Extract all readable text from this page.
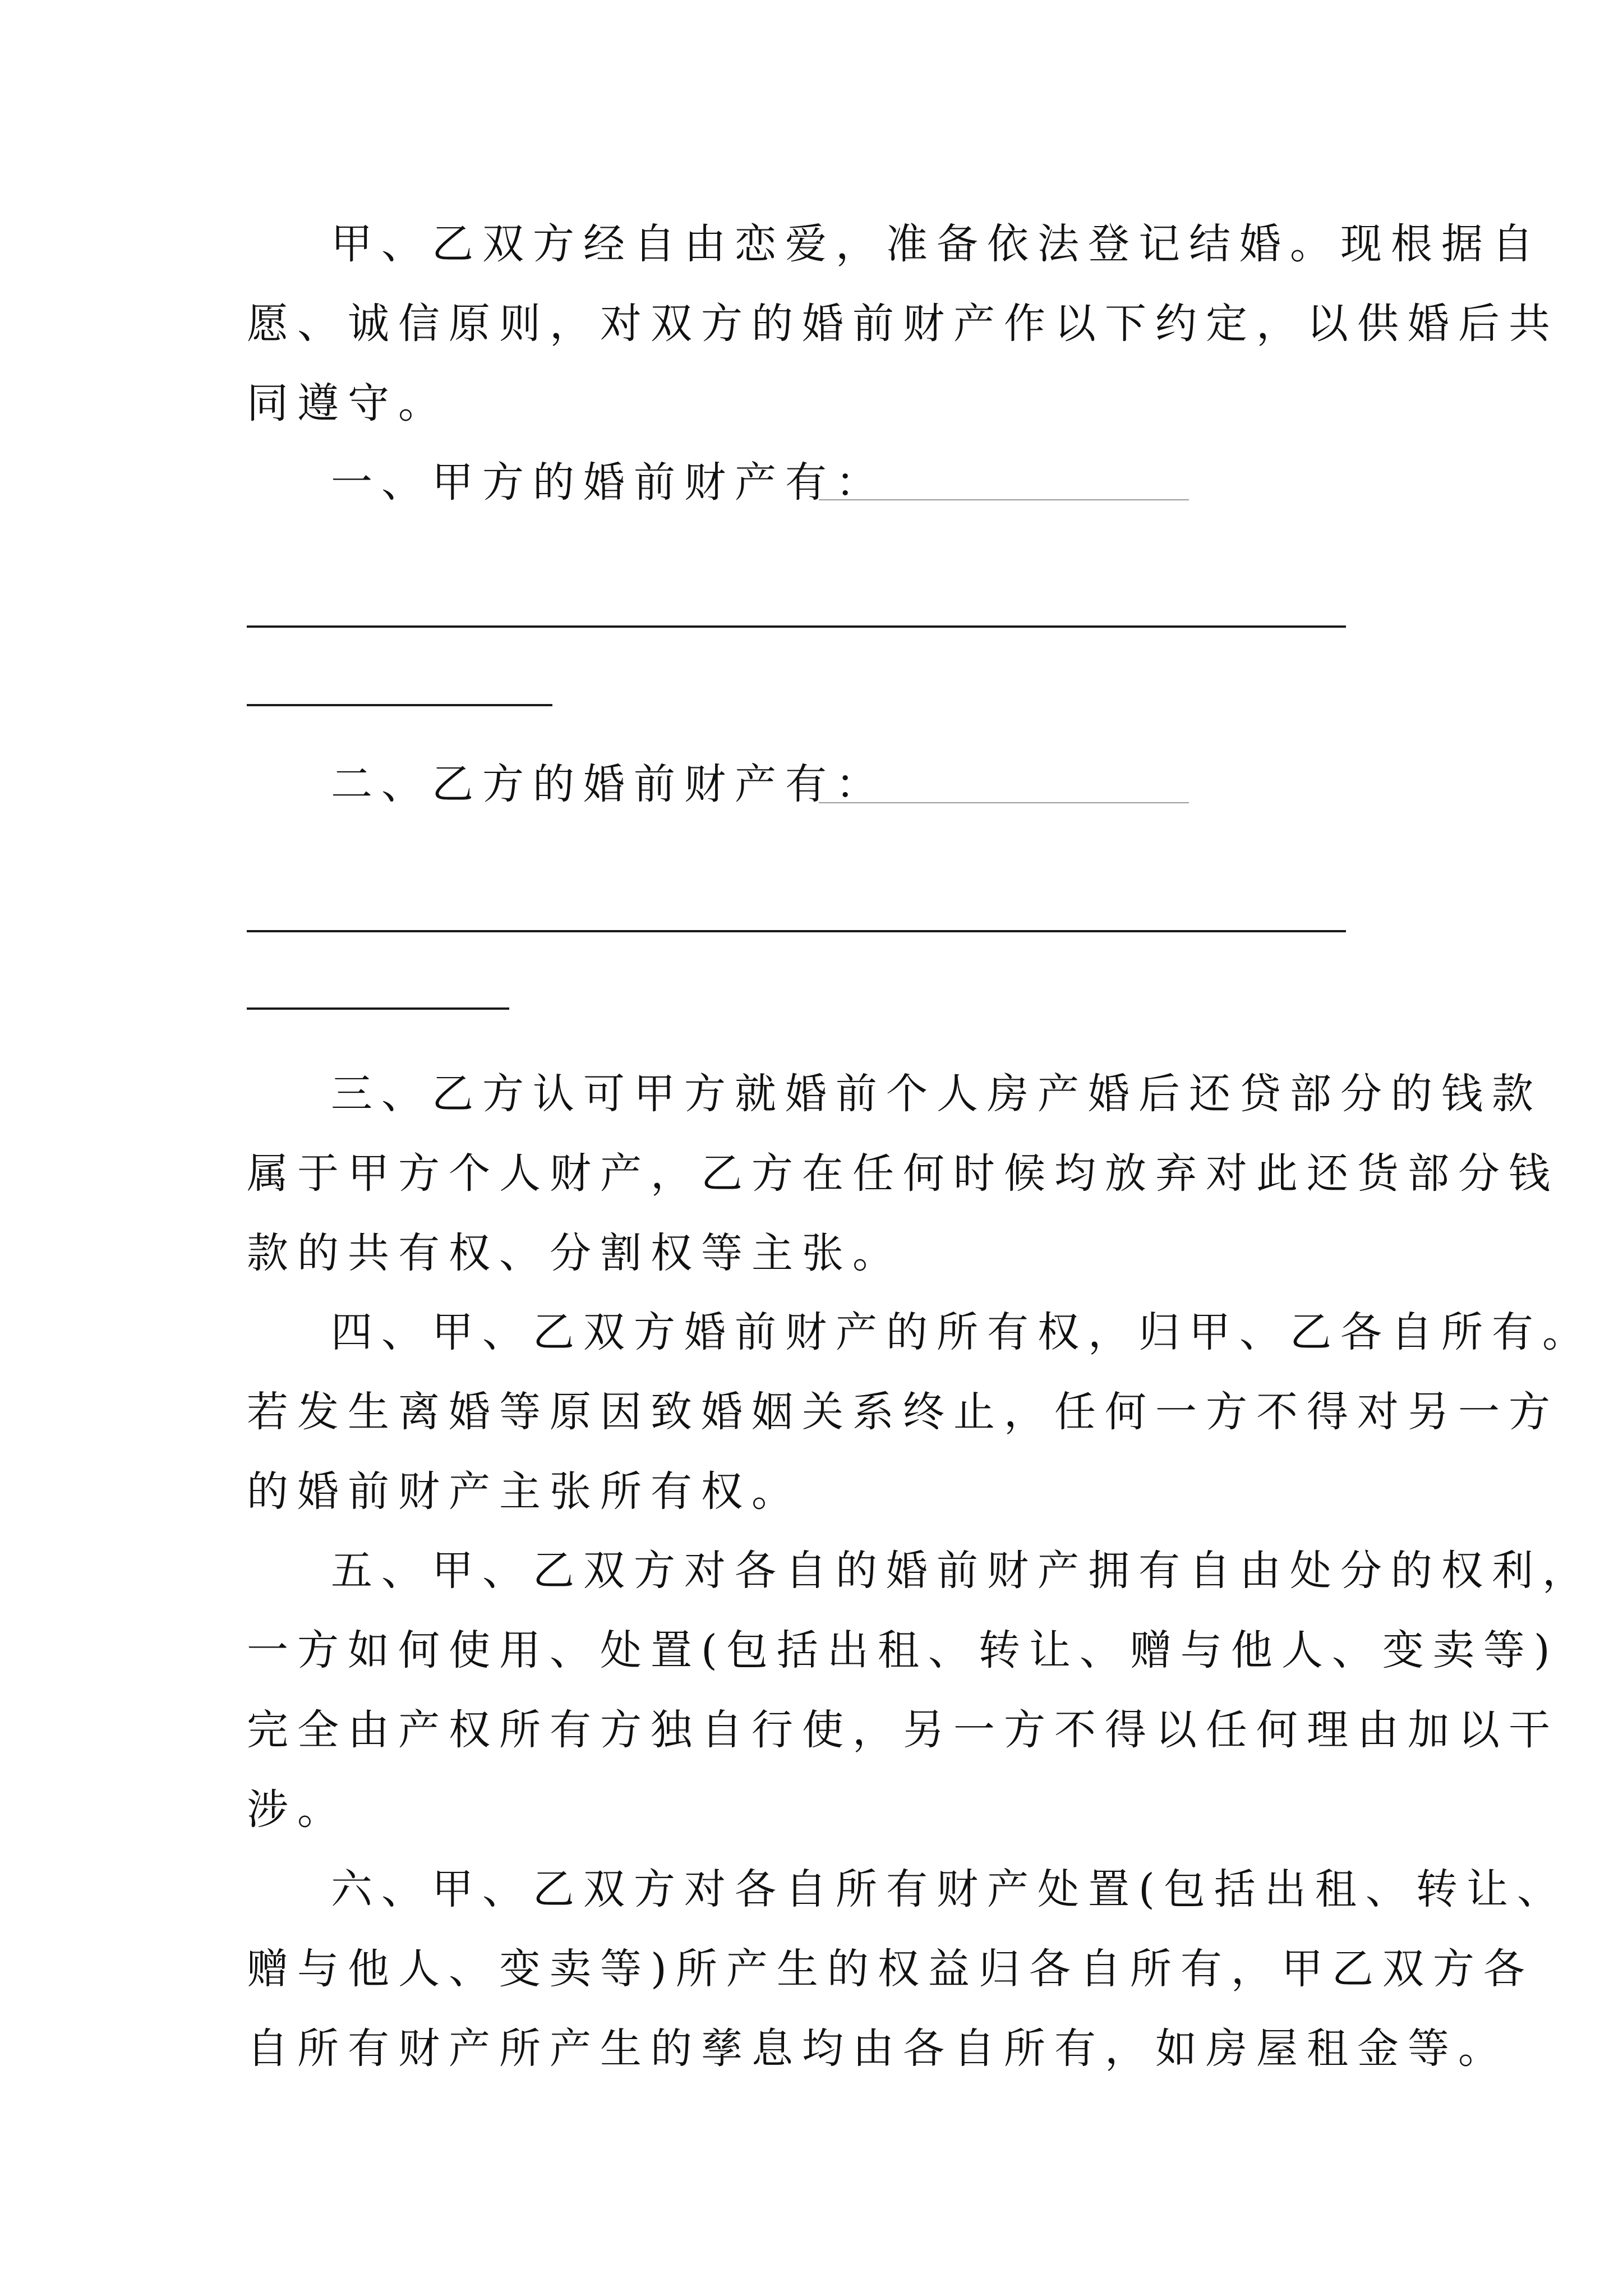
甲、乙双方经自由恋爱，准备依法登记结婚。现根据自
愿、诚信原则，对双方的婚前财产作以下约定，以供婚后共
同遵守。
一、甲方的婚前财产有：
二、乙方的婚前财产有：
三、乙方认可甲方就婚前个人房产婚后还贷部分的钱款
属于甲方个人财产，乙方在任何时候均放弃对此还货部分钱
款的共有权、分割权等主张。
四、甲、乙双方婚前财产的所有权，归甲、乙各自所有。
若发生离婚等原因致婚姻关系终止，任何一方不得对另一方
的婚前财产主张所有权。
五、甲、乙双方对各自的婚前财产拥有自由处分的权利，
一方如何使用、处置(包括出租、转让、赠与他人、变卖等)
完全由产权所有方独自行使，另一方不得以任何理由加以干
涉。
六、甲、乙双方对各自所有财产处置(包括出租、转让、
赠与他人、变卖等)所产生的权益归各自所有，甲乙双方各
自所有财产所产生的孳息均由各自所有，如房屋租金等。
